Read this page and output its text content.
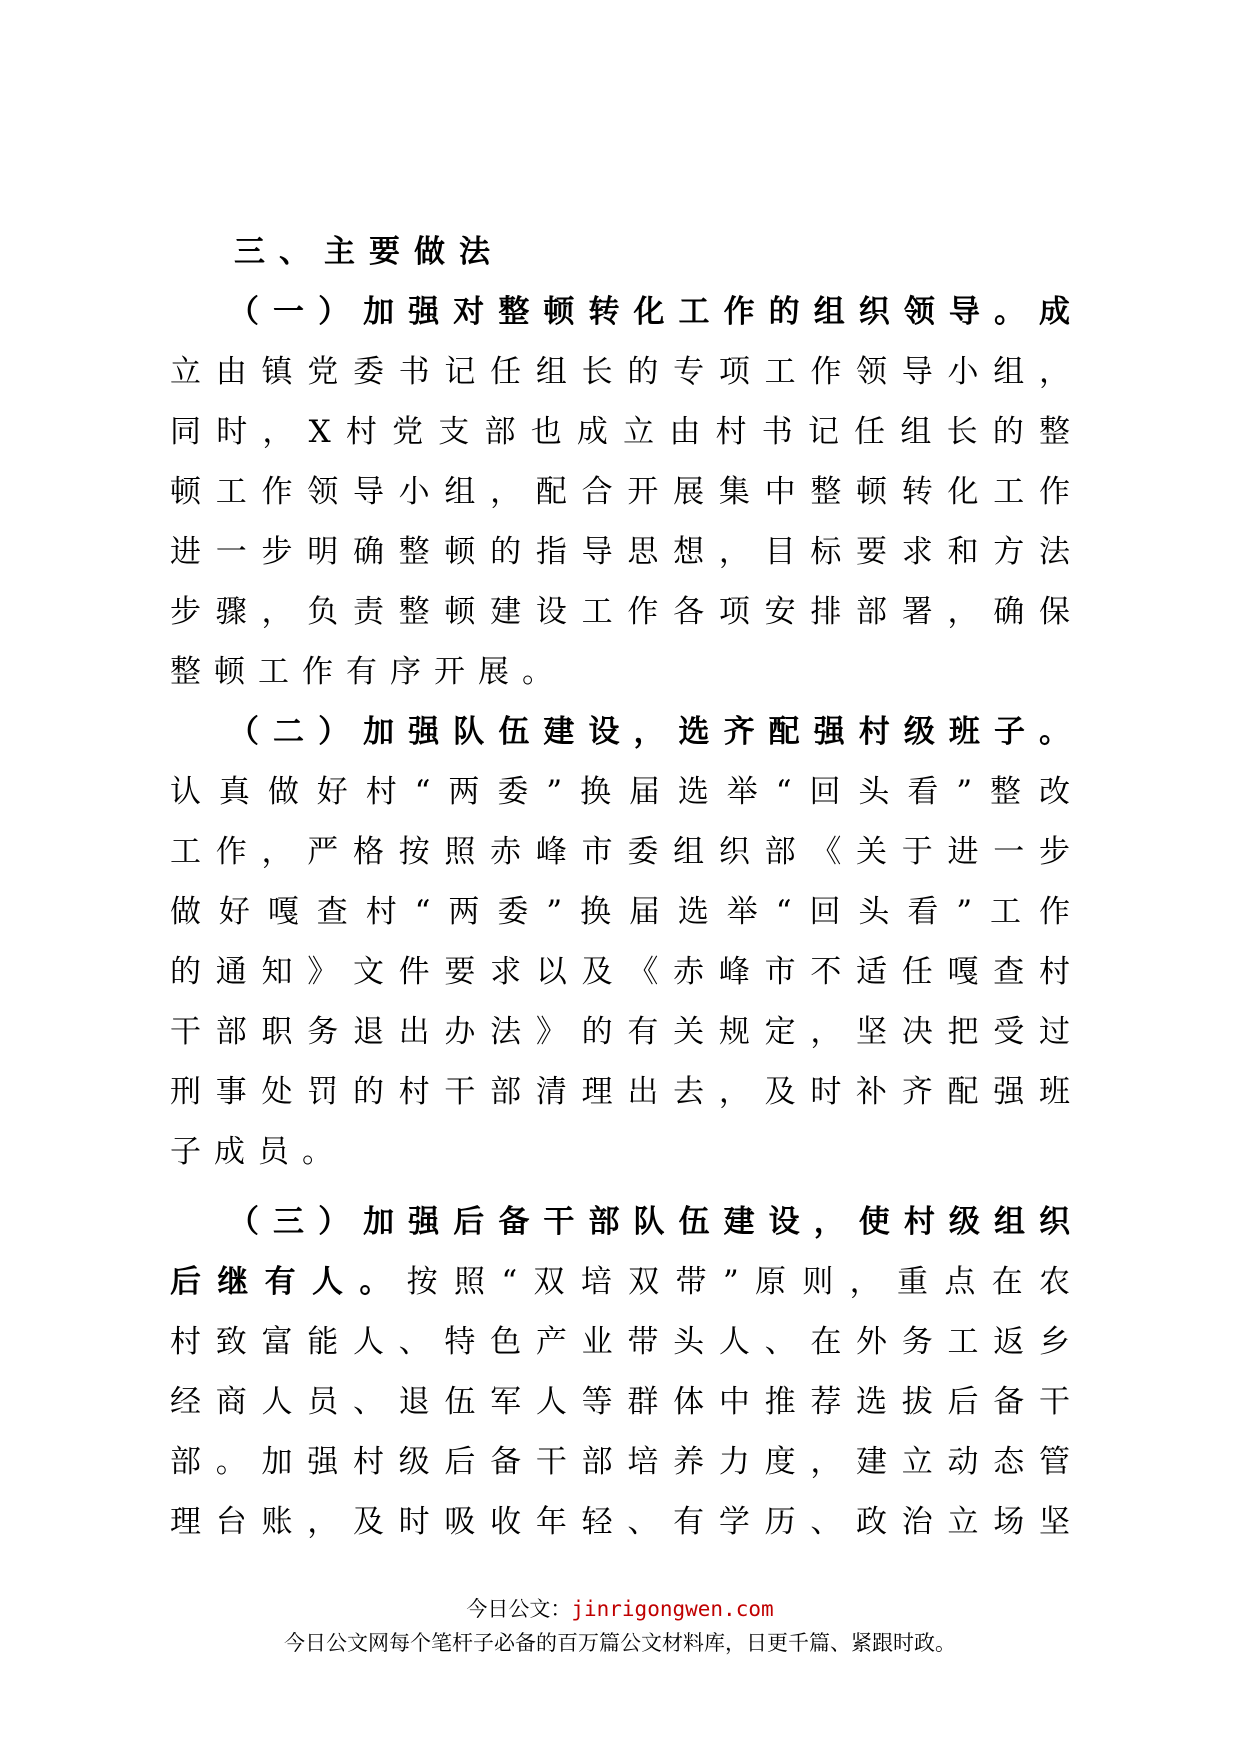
三、主要做法
（一）加强对整顿转化工作的组织领导。成
立由镇党委书记任组长的专项工作领导小组，
同时，X村党支部也成立由村书记任组长的整
顿工作领导小组，配合开展集中整顿转化工作
进一步明确整顿的指导思想，目标要求和方法
步骤，负责整顿建设工作各项安排部署，确保
整顿工作有序开展。
（二）加强队伍建设，选齐配强村级班子。
认真做好村“两委”换届选举“回头看”整改
工作，严格按照赤峰市委组织部《关于进一步
做好嘎查村“两委”换届选举“回头看”工作
的通知》文件要求以及《赤峰市不适任嘎查村
干部职务退出办法》的有关规定，坚决把受过
刑事处罚的村干部清理出去，及时补齐配强班
子成员。
（三）加强后备干部队伍建设，使村级组织
后继有人。按照“双培双带”原则，重点在农
村致富能人、特色产业带头人、在外务工返乡
经商人员、退伍军人等群体中推荐选拔后备干
部。加强村级后备干部培养力度，建立动态管
理台账，及时吸收年轻、有学历、政治立场坚
今日公文：jinrigongwen.com
今日公文网每个笔杆子必备的百万篇公文材料库，日更千篇、紧跟时政。
